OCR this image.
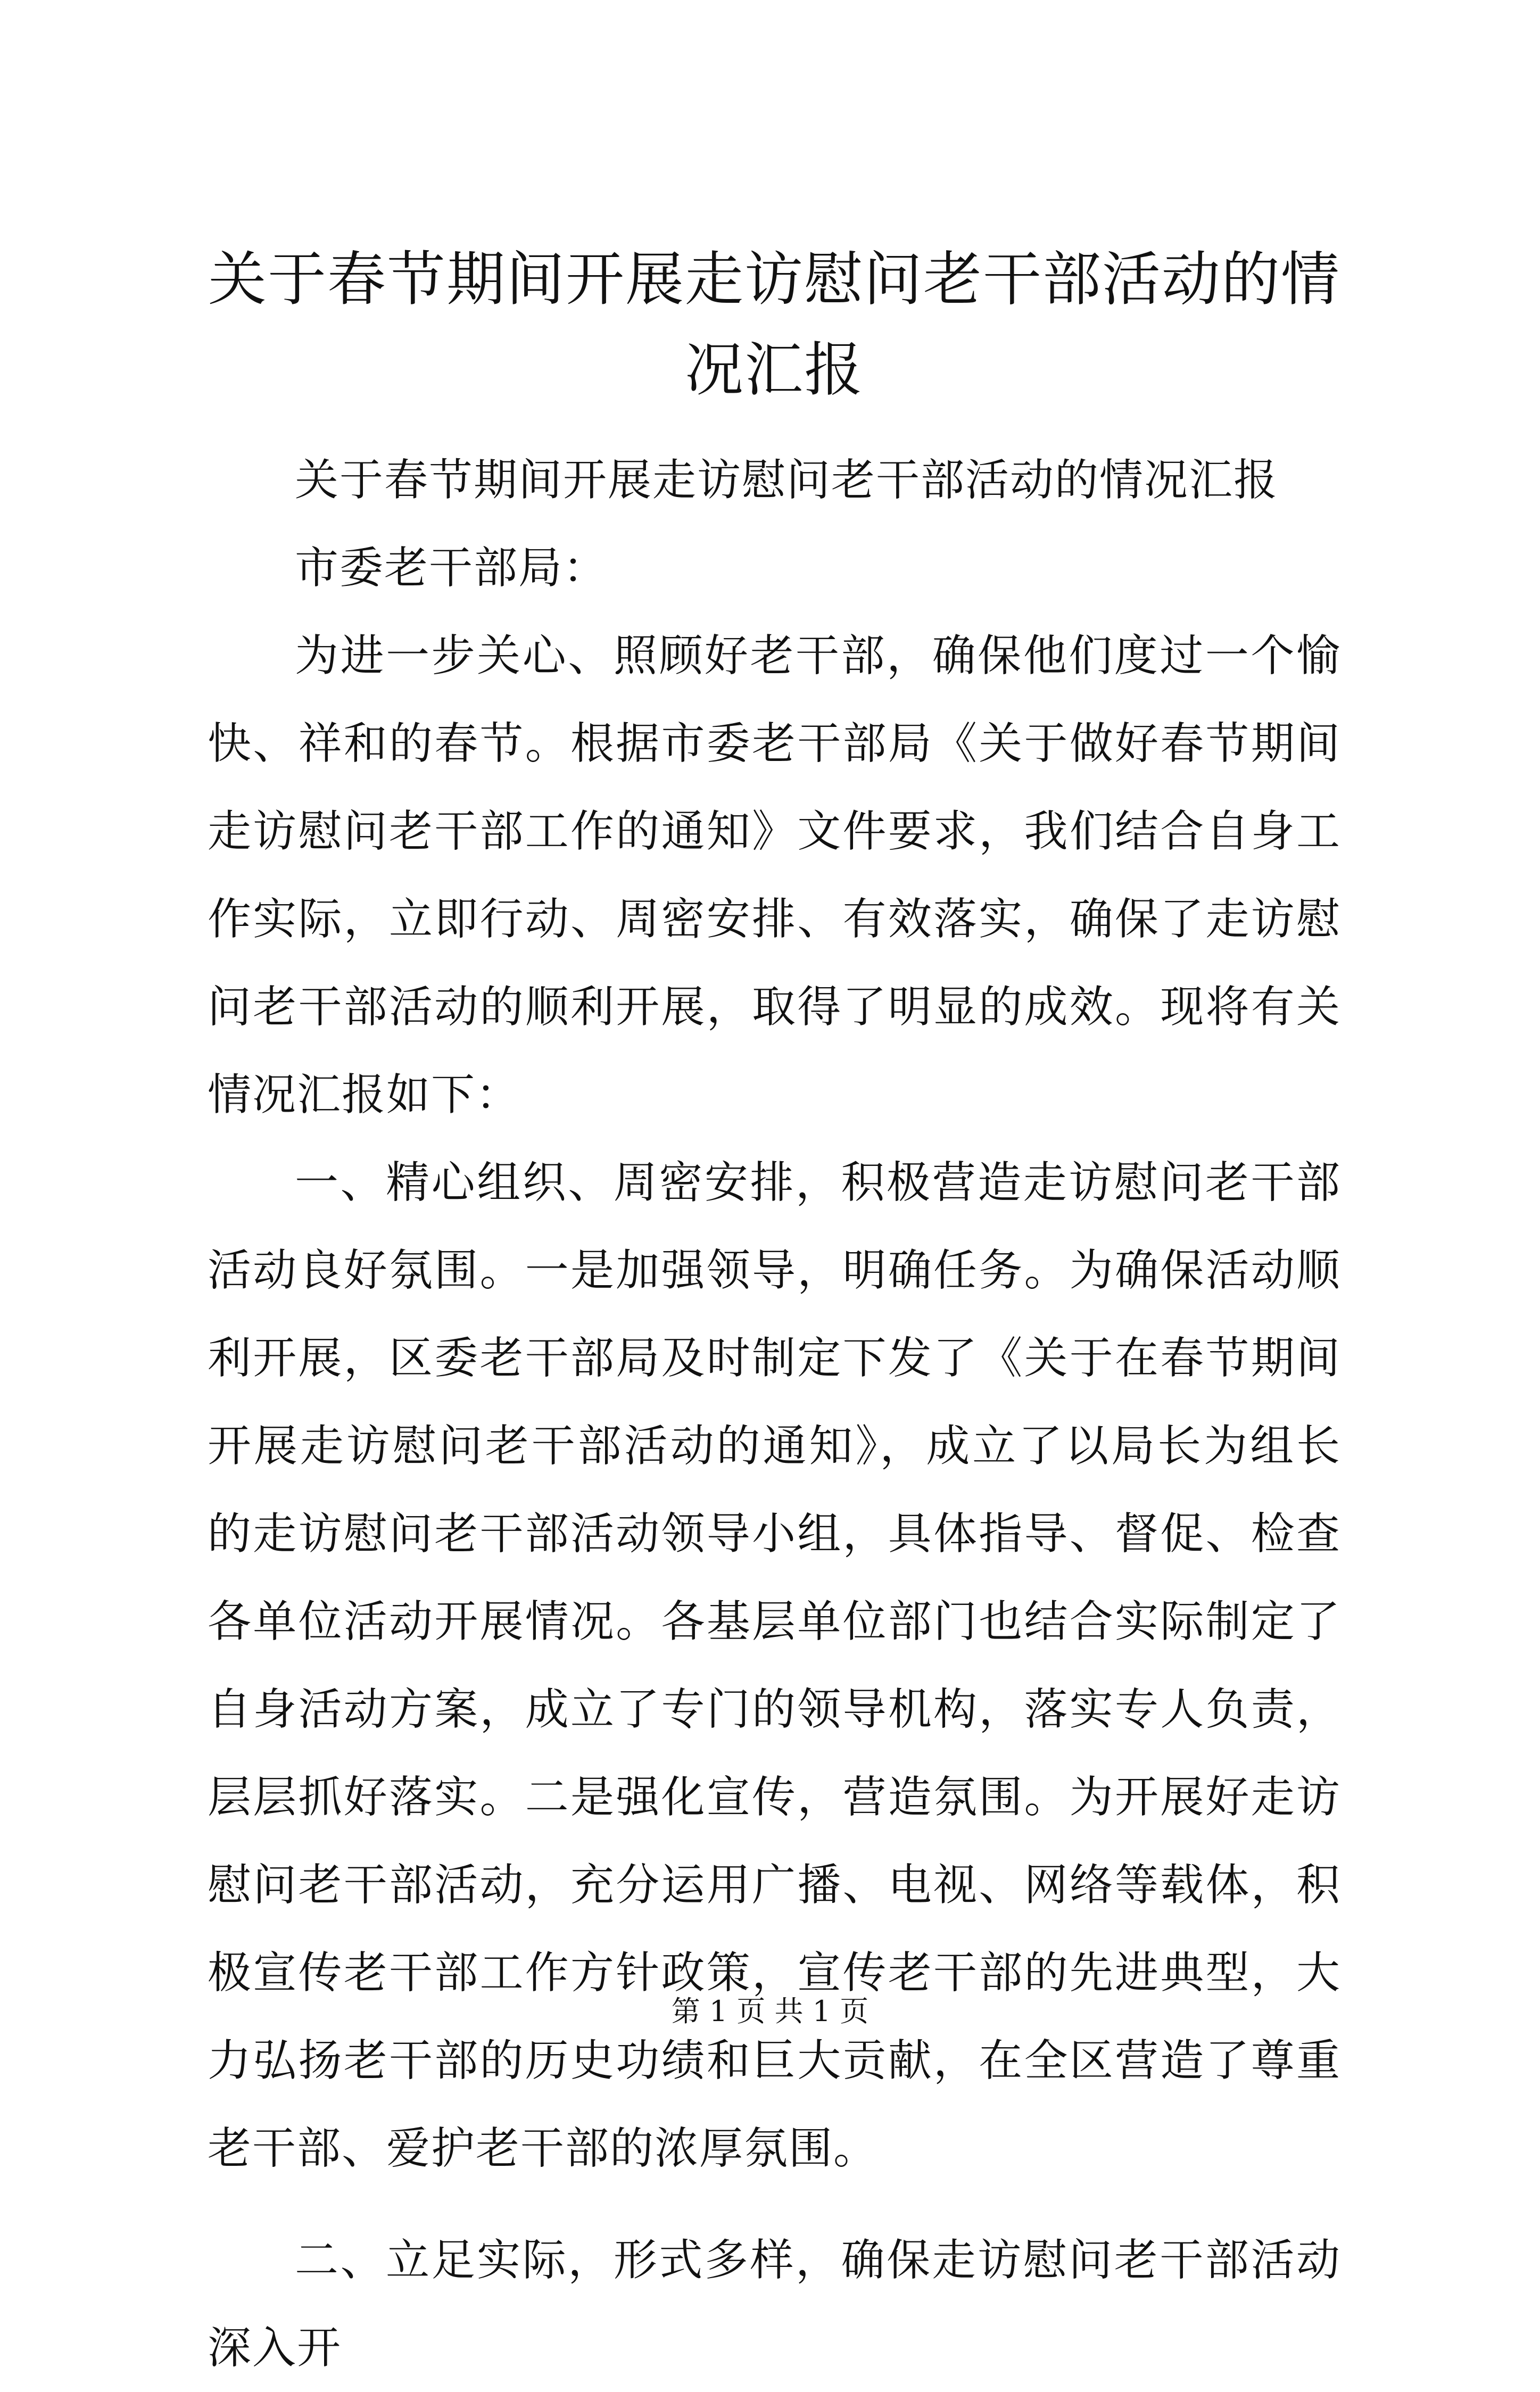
关于春节期间开展走访慰问老干部活动的情况汇报

关于春节期间开展走访慰问老干部活动的情况汇报

市委老干部局：

为进一步关心、照顾好老干部，确保他们度过一个愉快、祥和的春节。根据市委老干部局《关于做好春节期间走访慰问老干部工作的通知》文件要求，我们结合自身工作实际，立即行动、周密安排、有效落实，确保了走访慰问老干部活动的顺利开展，取得了明显的成效。现将有关情况汇报如下：

一、精心组织、周密安排，积极营造走访慰问老干部活动良好氛围。一是加强领导，明确任务。为确保活动顺利开展，区委老干部局及时制定下发了《关于在春节期间开展走访慰问老干部活动的通知》，成立了以局长为组长的走访慰问老干部活动领导小组，具体指导、督促、检查各单位活动开展情况。各基层单位部门也结合实际制定了自身活动方案，成立了专门的领导机构，落实专人负责，层层抓好落实。二是强化宣传，营造氛围。为开展好走访慰问老干部活动，充分运用广播、电视、网络等载体，积极宣传老干部工作方针政策，宣传老干部的先进典型，大力弘扬老干部的历史功绩和巨大贡献，在全区营造了尊重老干部、爱护老干部的浓厚氛围。

二、立足实际，形式多样，确保走访慰问老干部活动深入开

第 1 页 共 1 页
